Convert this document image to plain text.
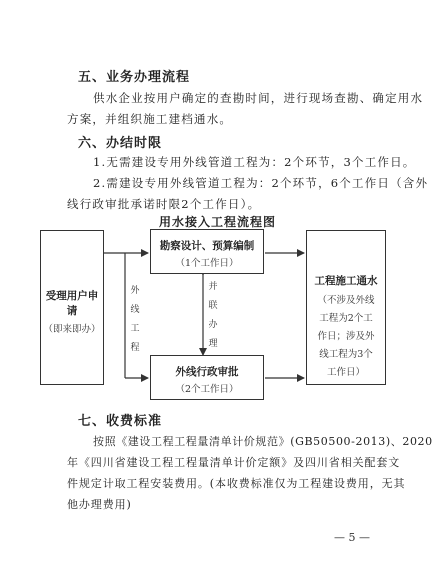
五、业务办理流程
供水企业按用户确定的查勘时间，进行现场查勘、确定用水
方案，并组织施工建档通水。
六、办结时限
1.无需建设专用外线管道工程为：2个环节，3个工作日。
2.需建设专用外线管道工程为：2个环节，6个工作日（含外
线行政审批承诺时限2个工作日）。
用水接入工程流程图
受理用户申请
（即来即办）
勘察设计、预算编制
（1个工作日）
外线行政审批
（2个工作日）
工程施工通水
（不涉及外线
工程为2个工
作日；涉及外
线工程为3个
工作日）
外
线
工
程
并
联
办
理
七、收费标准
按照《建设工程工程量清单计价规范》(GB50500-2013)、2020
年《四川省建设工程工程量清单计价定额》及四川省相关配套文
件规定计取工程安装费用。(本收费标准仅为工程建设费用，无其
他办理费用)
— 5 —
